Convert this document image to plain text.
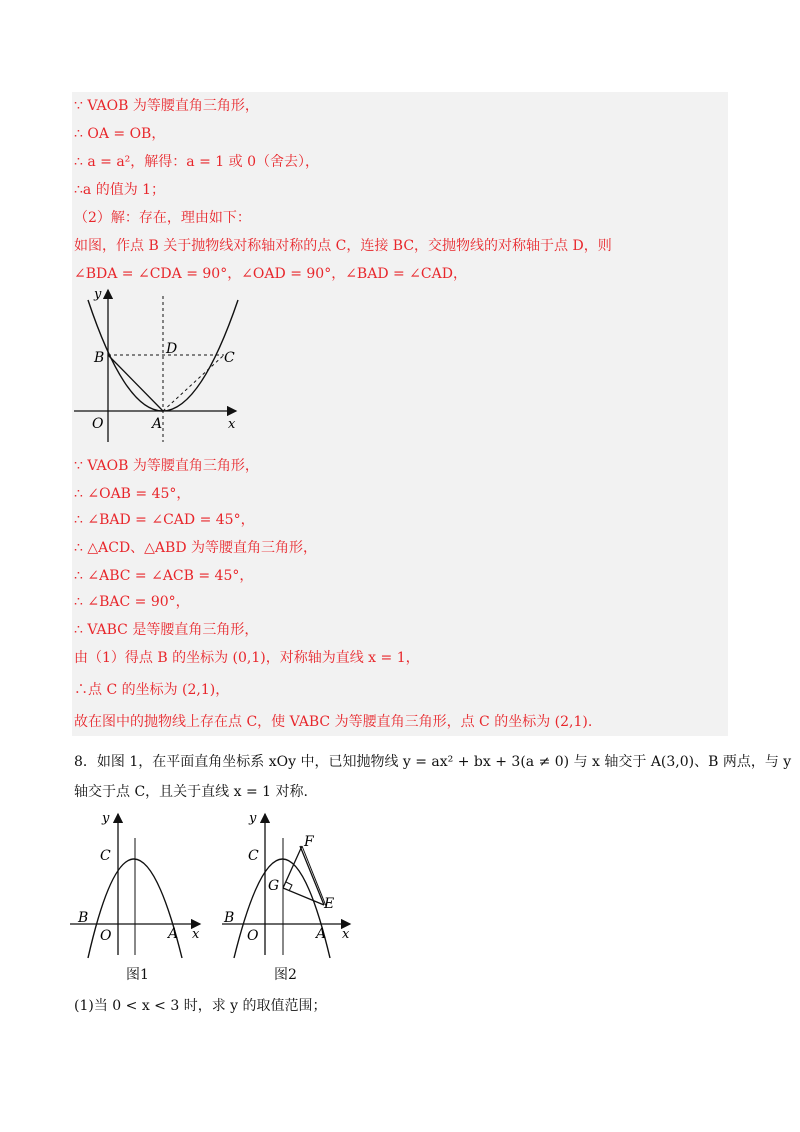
∵ VAOB 为等腰直角三角形，
∴ OA = OB，
∴ a = a²，解得：a = 1 或 0（舍去），
∴a 的值为 1；
（2）解：存在，理由如下：
如图，作点 B 关于抛物线对称轴对称的点 C，连接 BC，交抛物线的对称轴于点 D，则
∠BDA = ∠CDA = 90°，∠OAD = 90°，∠BAD = ∠CAD，
y
B
D
C
O	A	x
∵ VAOB 为等腰直角三角形，
∴ ∠OAB = 45°，
∴ ∠BAD = ∠CAD = 45°，
∴ △ACD、△ABD 为等腰直角三角形，
∴ ∠ABC = ∠ACB = 45°，
∴ ∠BAC = 90°，
∴ VABC 是等腰直角三角形，
由（1）得点 B 的坐标为 (0,1)，对称轴为直线 x = 1，
∴点 C 的坐标为 (2,1)，
故在图中的抛物线上存在点 C，使 VABC 为等腰直角三角形，点 C 的坐标为 (2,1).
8．如图 1，在平面直角坐标系 xOy 中，已知抛物线 y = ax² + bx + 3(a ≠ 0) 与 x 轴交于 A(3,0)、B 两点，与 y
轴交于点 C，且关于直线 x = 1 对称.
y
C
B
O	A x
图1
y
C
F
G
E
B
O	A x
图2
(1)当 0 < x < 3 时，求 y 的取值范围；
